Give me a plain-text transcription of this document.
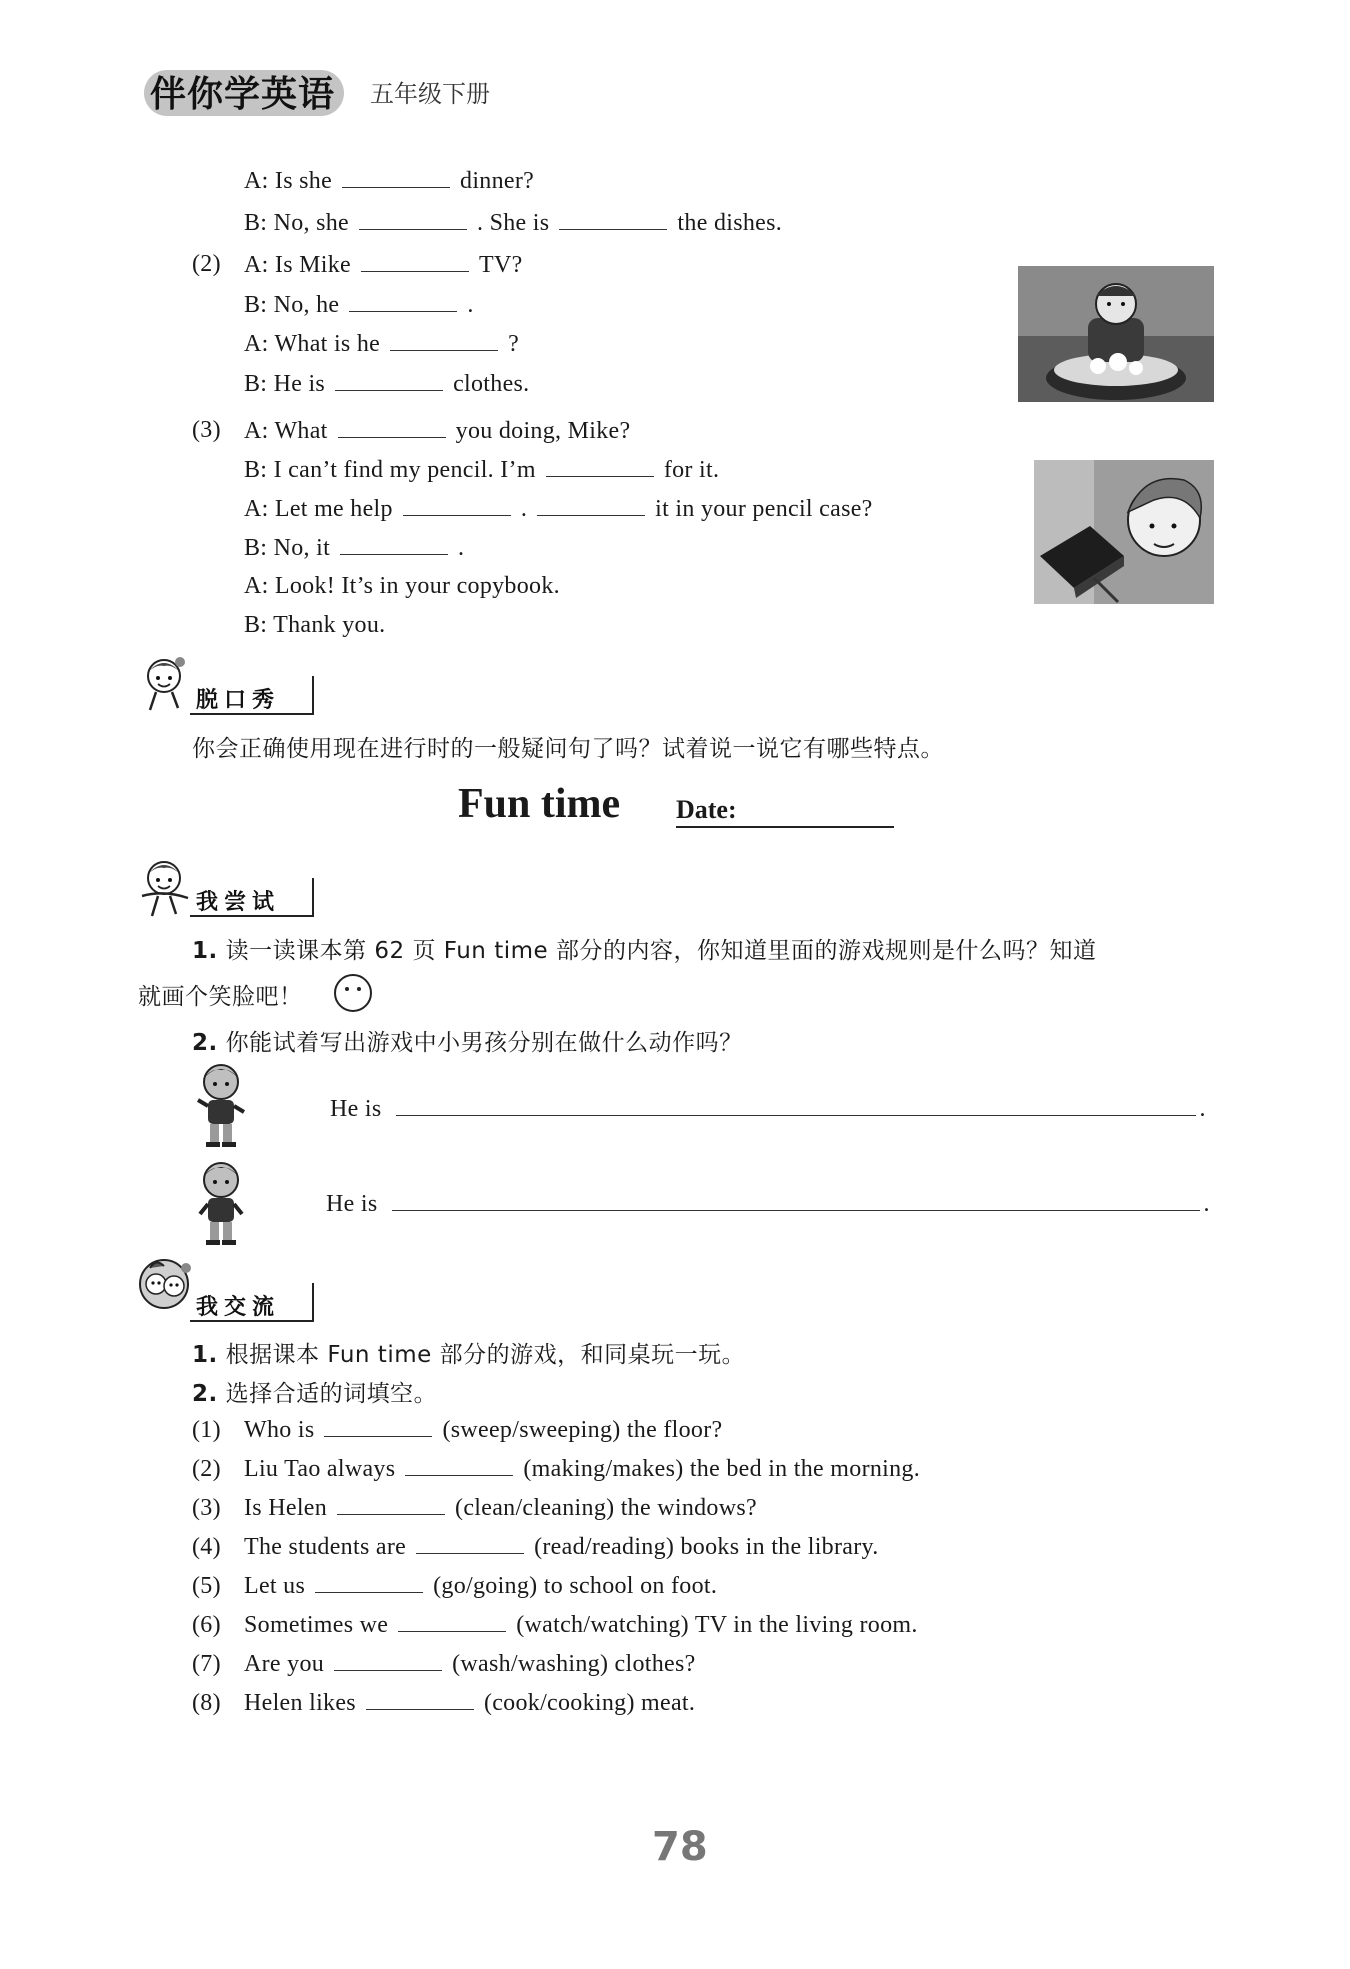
伴你学英语 五年级下册
A: Is she	dinner?
B: No, she	. She is	the dishes.
(2) A: Is Mike	TV?
B: No, he	.
A: What is he	?
B: He is	clothes.
(3) A: What	you doing, Mike?
B: I can’t find my pencil. I’m	for it.
A: Let me help	.	it in your pencil case?
B: No, it	.
A: Look! It’s in your copybook.
B: Thank you.
脱口秀
你会正确使用现在进行时的一般疑问句了吗？试着说一说它有哪些特点。
Fun time Date:
我尝试
1. 读一读课本第 62 页 Fun time 部分的内容，你知道里面的游戏规则是什么吗？知道
就画个笑脸吧！
2. 你能试着写出游戏中小男孩分别在做什么动作吗？
He is	.
He is	.
我交流
1. 根据课本 Fun time 部分的游戏，和同桌玩一玩。
2. 选择合适的词填空。
(1) Who is	(sweep/sweeping) the floor?
(2) Liu Tao always	(making/makes) the bed in the morning.
(3) Is Helen	(clean/cleaning) the windows?
(4) The students are	(read/reading) books in the library.
(5) Let us	(go/going) to school on foot.
(6) Sometimes we	(watch/watching) TV in the living room.
(7) Are you	(wash/washing) clothes?
(8) Helen likes	(cook/cooking) meat.
78
